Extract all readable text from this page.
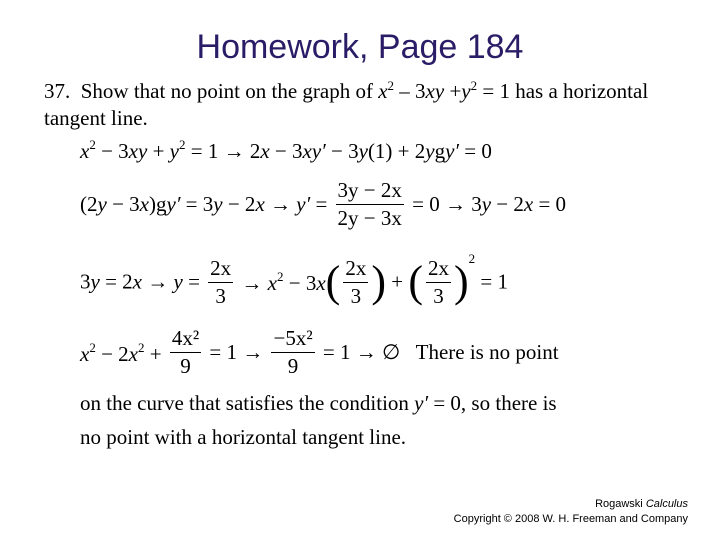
Homework, Page 184
37. Show that no point on the graph of $x^2 - 3xy +y^2 = 1$ has a horizontal tangent line.
$x^2 - 3xy + y^2 = 1 \to 2x - 3xy' - 3y(1) + 2ygy' = 0$
$(2y - 3x)gy' = 3y - 2x \to y' = \frac{3y - 2x}{2y - 3x} = 0 \to 3y - 2x = 0$
$3y = 2x \to y = \frac{2x}{3} \to x^2 - 3x( \frac{2x}{3}$ ) + ( $\frac{2x}{3} )^2 = 1$
$x^2 - 2x^2 + \frac{\text{4x²}}{9} = 1 \to \frac{\text{−5x²}}{9} = 1$ → ∅   There is no point
on the curve that satisfies the condition y′ = 0, so there is
no point with a horizontal tangent line.
Rogawski Calculus
Copyright © 2008 W. H. Freeman and Company
